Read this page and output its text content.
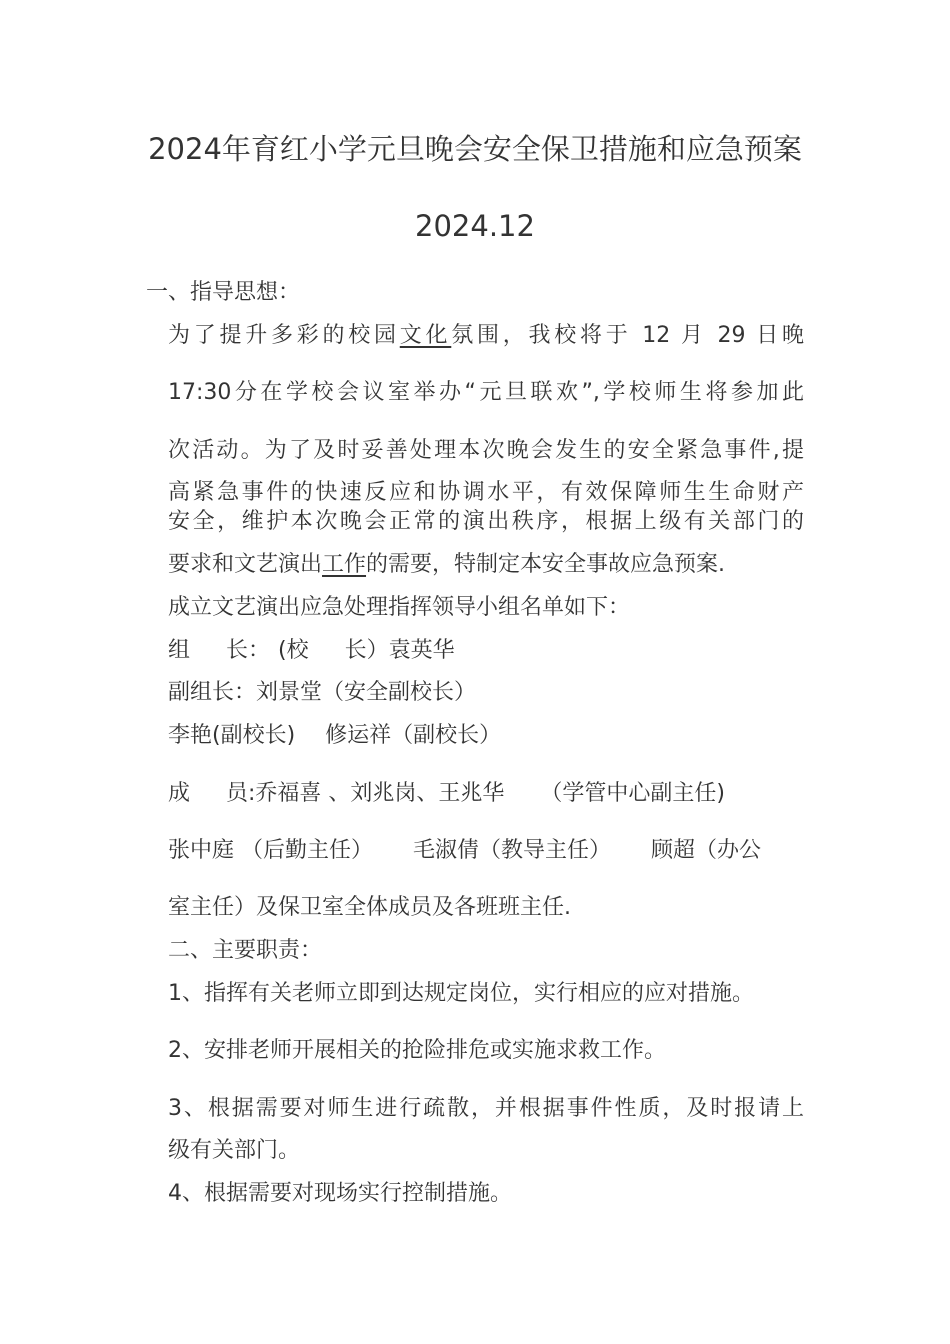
2024年育红小学元旦晚会安全保卫措施和应急预案
2024.12
一、指导思想：
为了提升多彩的校园文化氛围，我校将于 12 月 29 日晚
17:30分在学校会议室举办“元旦联欢”,学校师生将参加此
次活动。为了及时妥善处理本次晚会发生的安全紧急事件,提
高紧急事件的快速反应和协调水平，有效保障师生生命财产
安全，维护本次晚会正常的演出秩序，根据上级有关部门的
要求和文艺演出工作的需要，特制定本安全事故应急预案.
成立文艺演出应急处理指挥领导小组名单如下：
组 长： (校 长）袁英华
副组长：刘景堂（安全副校长）
李艳(副校长) 修运祥（副校长）
成 员:乔福喜 、刘兆岗、王兆华 （学管中心副主任)
张中庭 （后勤主任） 毛淑倩（教导主任） 顾超（办公
室主任）及保卫室全体成员及各班班主任.
二、主要职责：
1、指挥有关老师立即到达规定岗位，实行相应的应对措施。
2、安排老师开展相关的抢险排危或实施求救工作。
3、根据需要对师生进行疏散，并根据事件性质，及时报请上
级有关部门。
4、根据需要对现场实行控制措施。
